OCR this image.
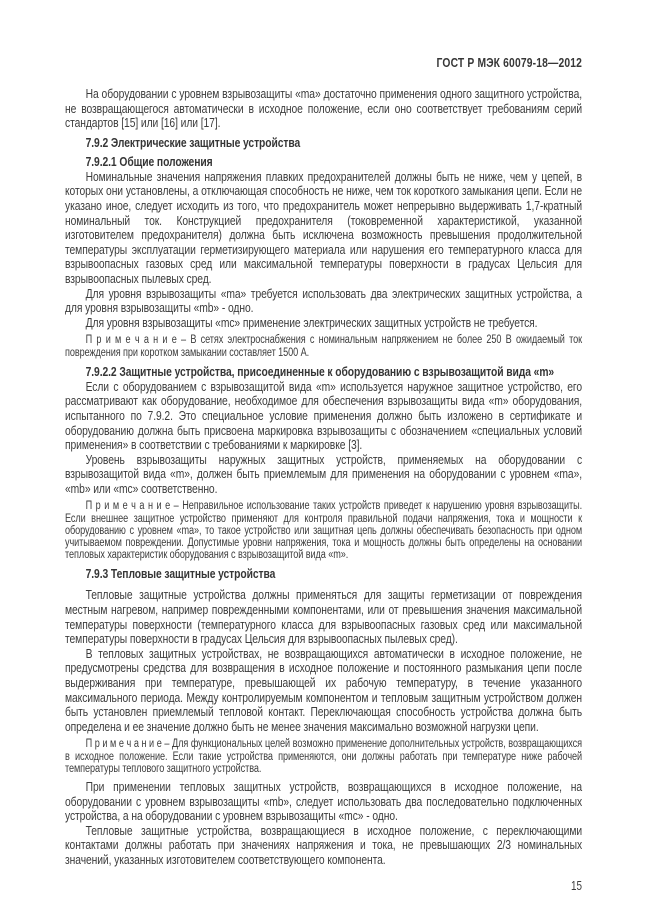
ГОСТ Р МЭК 60079-18—2012

На оборудовании с уровнем взрывозащиты «ma» достаточно применения одного защитного устройства, не возвращающегося автоматически в исходное положение, если оно соответствует требованиям серий стандартов [15] или [16] или [17].

7.9.2 Электрические защитные устройства
7.9.2.1 Общие положения

Номинальные значения напряжения плавких предохранителей должны быть не ниже, чем у цепей, в которых они установлены, а отключающая способность не ниже, чем ток короткого замыкания цепи. Если не указано иное, следует исходить из того, что предохранитель может непрерывно выдерживать 1,7-кратный номинальный ток. Конструкцией предохранителя (токовременной характеристикой, указанной изготовителем предохранителя) должна быть исключена возможность превышения продолжительной температуры эксплуатации герметизирующего материала или нарушения его температурного класса для взрывоопасных газовых сред или максимальной температуры поверхности в градусах Цельсия для взрывоопасных пылевых сред.

Для уровня взрывозащиты «ma» требуется использовать два электрических защитных устройства, а для уровня взрывозащиты «mb» - одно.

Для уровня взрывозащиты «mc» применение электрических защитных устройств не требуется.

П р и м е ч а н и е – В сетях электроснабжения с номинальным напряжением не более 250 В ожидаемый ток повреждения при коротком замыкании составляет 1500 А.

7.9.2.2 Защитные устройства, присоединенные к оборудованию с взрывозащитой вида «m»

Если с оборудованием с взрывозащитой вида «m» используется наружное защитное устройство, его рассматривают как оборудование, необходимое для обеспечения взрывозащиты вида «m» оборудования, испытанного по 7.9.2. Это специальное условие применения должно быть изложено в сертификате и оборудованию должна быть присвоена маркировка взрывозащиты с обозначением «специальных условий применения» в соответствии с требованиями к маркировке [3].

Уровень взрывозащиты наружных защитных устройств, применяемых на оборудовании с взрывозащитой вида «m», должен быть приемлемым для применения на оборудовании с уровнем «ma», «mb» или «mc» соответственно.

П р и м е ч а н и е – Неправильное использование таких устройств приведет к нарушению уровня взрывозащиты. Если внешнее защитное устройство применяют для контроля правильной подачи напряжения, тока и мощности к оборудованию с уровнем «ma», то такое устройство или защитная цепь должны обеспечивать безопасность при одном учитываемом повреждении. Допустимые уровни напряжения, тока и мощность должны быть определены на основании тепловых характеристик оборудования с взрывозащитой вида «m».

7.9.3 Тепловые защитные устройства

Тепловые защитные устройства должны применяться для защиты герметизации от повреждения местным нагревом, например поврежденными компонентами, или от превышения значения максимальной температуры поверхности (температурного класса для взрывоопасных газовых сред или максимальной температуры поверхности в градусах Цельсия для взрывоопасных пылевых сред).

В тепловых защитных устройствах, не возвращающихся автоматически в исходное положение, не предусмотрены средства для возвращения в исходное положение и постоянного размыкания цепи после выдерживания при температуре, превышающей их рабочую температуру, в течение указанного максимального периода. Между контролируемым компонентом и тепловым защитным устройством должен быть установлен приемлемый тепловой контакт. Переключающая способность устройства должна быть определена и ее значение должно быть не менее значения максимально возможной нагрузки цепи.

П р и м е ч а н и е – Для функциональных целей возможно применение дополнительных устройств, возвращающихся в исходное положение. Если такие устройства применяются, они должны работать при температуре ниже рабочей температуры теплового защитного устройства.

При применении тепловых защитных устройств, возвращающихся в исходное положение, на оборудовании с уровнем взрывозащиты «mb», следует использовать два последовательно подключенных устройства, а на оборудовании с уровнем взрывозащиты «mc» - одно.

Тепловые защитные устройства, возвращающиеся в исходное положение, с переключающими контактами должны работать при значениях напряжения и тока, не превышающих 2/3 номинальных значений, указанных изготовителем соответствующего компонента.

15
